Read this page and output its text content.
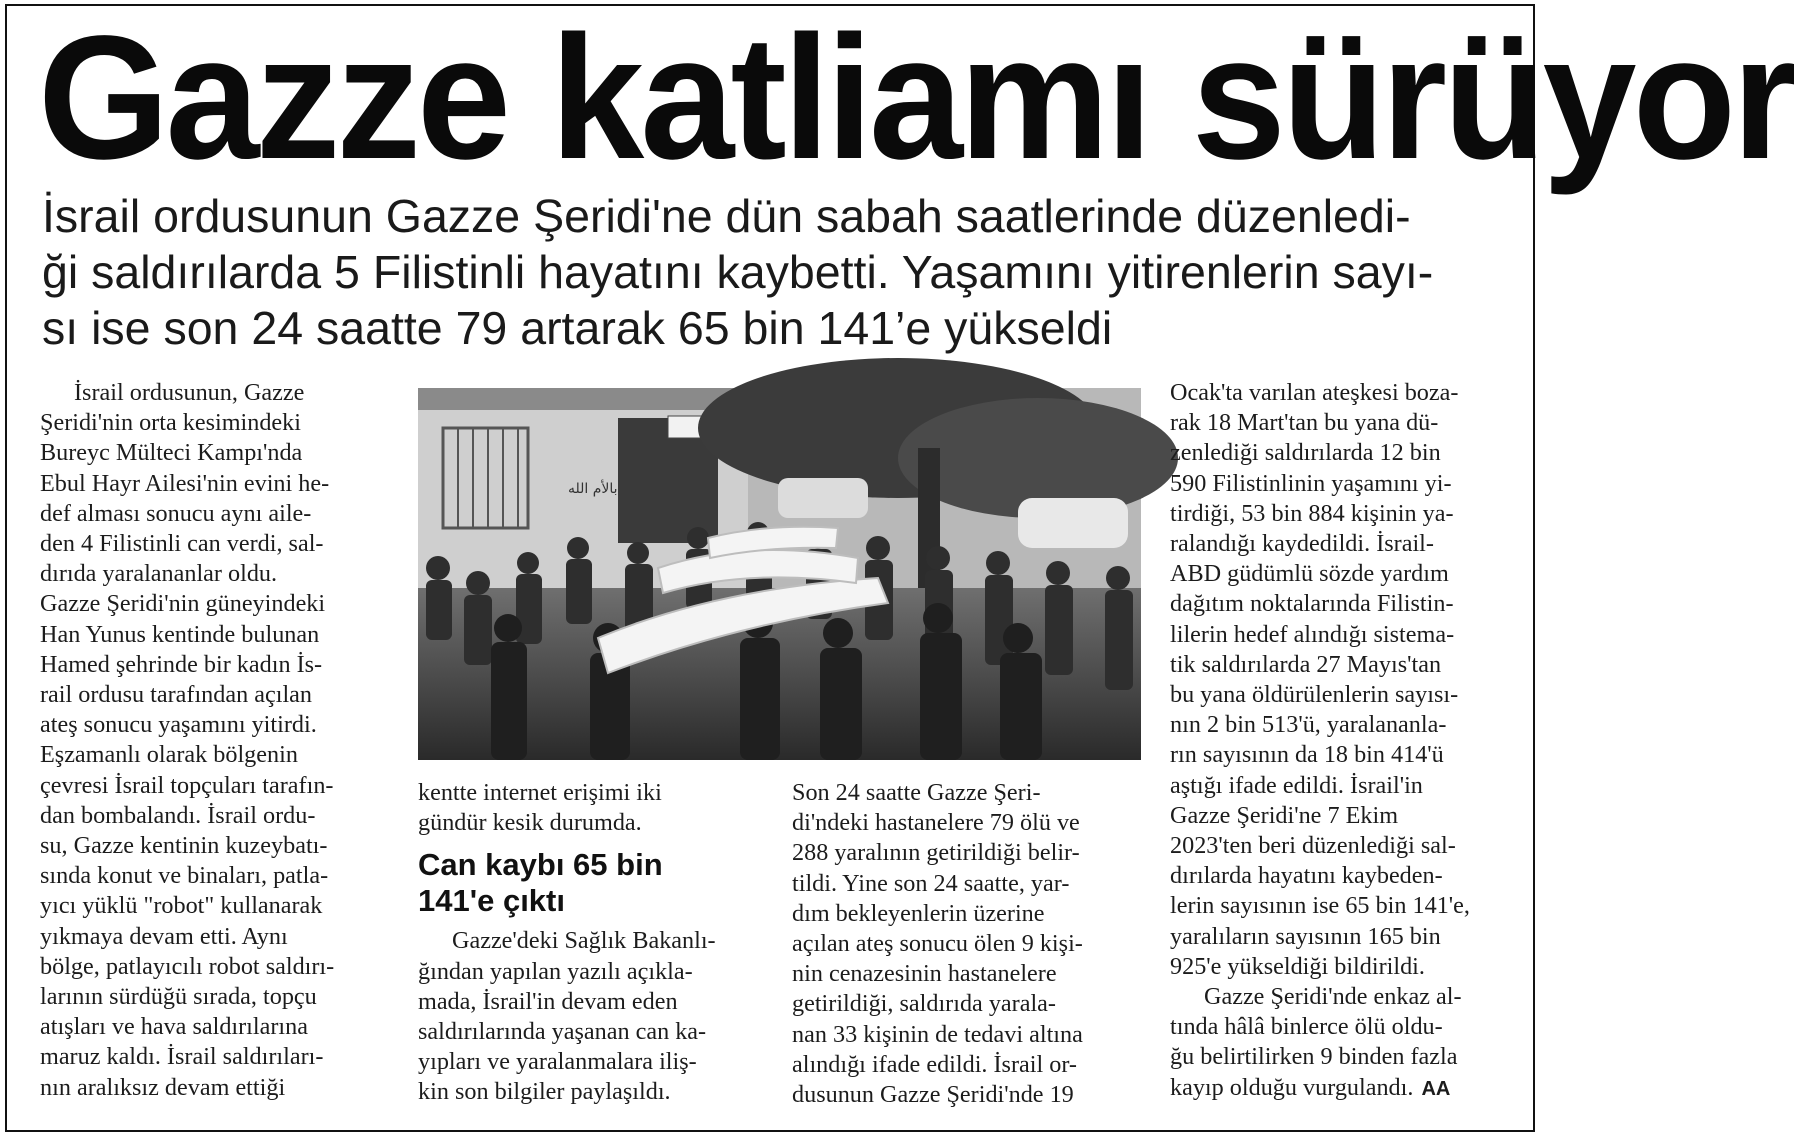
Gazze katliamı sürüyor
İsrail ordusunun Gazze Şeridi'ne dün sabah saatlerinde düzenledi-
ği saldırılarda 5 Filistinli hayatını kaybetti. Yaşamını yitirenlerin sayı-
sı ise son 24 saatte 79 artarak 65 bin 141’e yükseldi
İsrail ordusunun, Gazze
Şeridi'nin orta kesimindeki
Bureyc Mülteci Kampı'nda
Ebul Hayr Ailesi'nin evini he-
def alması sonucu aynı aile-
den 4 Filistinli can verdi, sal-
dırıda yaralananlar oldu.
Gazze Şeridi'nin güneyindeki
Han Yunus kentinde bulunan
Hamed şehrinde bir kadın İs-
rail ordusu tarafından açılan
ateş sonucu yaşamını yitirdi.
Eşzamanlı olarak bölgenin
çevresi İsrail topçuları tarafın-
dan bombalandı. İsrail ordu-
su, Gazze kentinin kuzeybatı-
sında konut ve binaları, patla-
yıcı yüklü "robot" kullanarak
yıkmaya devam etti. Aynı
bölge, patlayıcılı robot saldırı-
larının sürdüğü sırada, topçu
atışları ve hava saldırılarına
maruz kaldı. İsrail saldırıları-
nın aralıksız devam ettiği
بالأم الله
kentte internet erişimi iki
gündür kesik durumda.
Can kaybı 65 bin
141'e çıktı
Gazze'deki Sağlık Bakanlı-
ğından yapılan yazılı açıkla-
mada, İsrail'in devam eden
saldırılarında yaşanan can ka-
yıpları ve yaralanmalara iliş-
kin son bilgiler paylaşıldı.
Son 24 saatte Gazze Şeri-
di'ndeki hastanelere 79 ölü ve
288 yaralının getirildiği belir-
tildi. Yine son 24 saatte, yar-
dım bekleyenlerin üzerine
açılan ateş sonucu ölen 9 kişi-
nin cenazesinin hastanelere
getirildiği, saldırıda yarala-
nan 33 kişinin de tedavi altına
alındığı ifade edildi. İsrail or-
dusunun Gazze Şeridi'nde 19
Ocak'ta varılan ateşkesi boza-
rak 18 Mart'tan bu yana dü-
zenlediği saldırılarda 12 bin
590 Filistinlinin yaşamını yi-
tirdiği, 53 bin 884 kişinin ya-
ralandığı kaydedildi. İsrail-
ABD güdümlü sözde yardım
dağıtım noktalarında Filistin-
lilerin hedef alındığı sistema-
tik saldırılarda 27 Mayıs'tan
bu yana öldürülenlerin sayısı-
nın 2 bin 513'ü, yaralananla-
rın sayısının da 18 bin 414'ü
aştığı ifade edildi. İsrail'in
Gazze Şeridi'ne 7 Ekim
2023'ten beri düzenlediği sal-
dırılarda hayatını kaybeden-
lerin sayısının ise 65 bin 141'e,
yaralıların sayısının 165 bin
925'e yükseldiği bildirildi.
Gazze Şeridi'nde enkaz al-
tında hâlâ binlerce ölü oldu-
ğu belirtilirken 9 binden fazla
kayıp olduğu vurgulandı. AA
